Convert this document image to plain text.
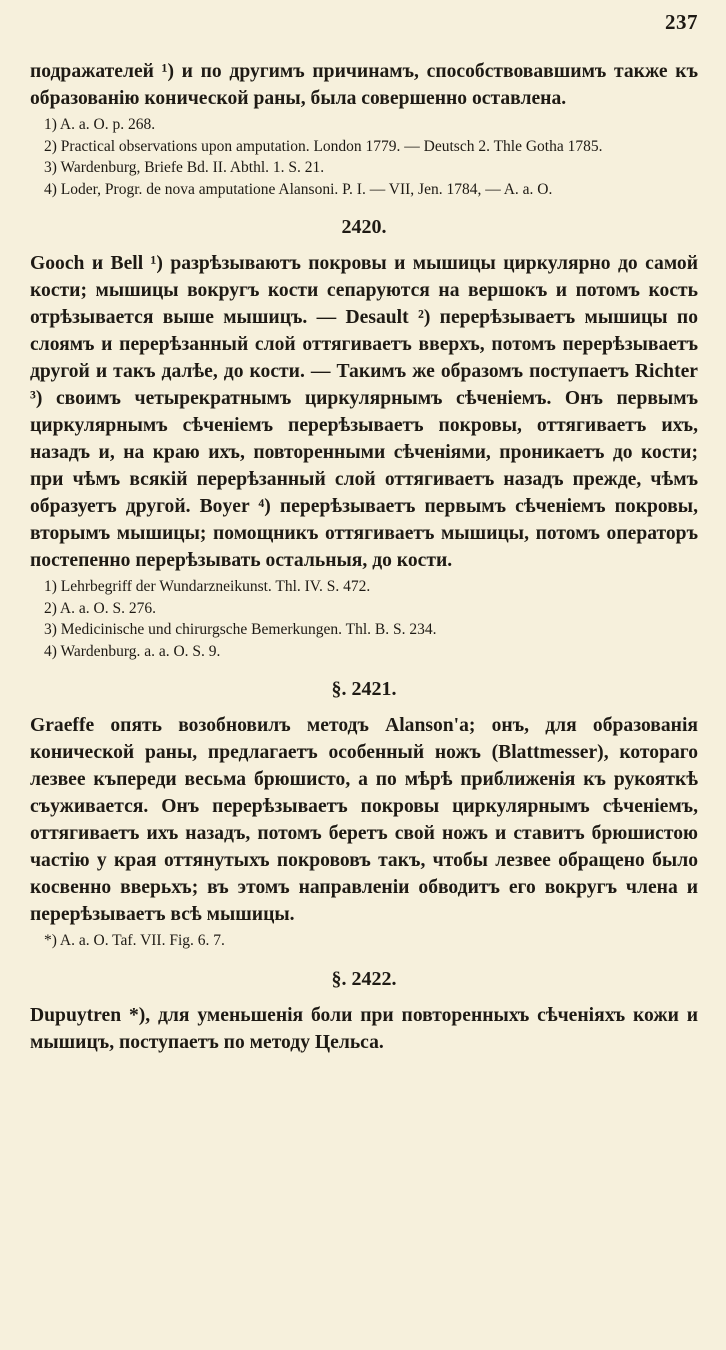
237

подражателей ¹) и по другимъ причинамъ, способствовавшимъ также къ образованію конической раны, была совершенно оставлена.

1) A. a. O. p. 268.
2) Practical observations upon amputation. London 1779. — Deutsch 2. Thle Gotha 1785.
3) Wardenburg, Briefe Bd. II. Abthl. 1. S. 21.
4) Loder, Progr. de nova amputatione Alansoni. P. I. — VII, Jen. 1784, — A. a. O.
2420.

Gooch и Bell ¹) разрѣзываютъ покровы и мышицы циркулярно до самой кости; мышицы вокругъ кости сепаруются на вершокъ и потомъ кость отрѣзывается выше мышицъ. — Desault ²) перерѣзываетъ мышицы по слоямъ и перерѣзанный слой оттягиваетъ вверхъ, потомъ перерѣзываетъ другой и такъ далѣе, до кости. — Такимъ же образомъ поступаетъ Richter ³) своимъ четырекратнымъ циркулярнымъ сѣченіемъ. Онъ первымъ циркулярнымъ сѣченіемъ перерѣзываетъ покровы, оттягиваетъ ихъ, назадъ и, на краю ихъ, повторенными сѣченіями, проникаетъ до кости; при чѣмъ всякій перерѣзанный слой оттягиваетъ назадъ прежде, чѣмъ образуетъ другой. Boyer ⁴) перерѣзываетъ первымъ сѣченіемъ покровы, вторымъ мышицы; помощникъ оттягиваетъ мышицы, потомъ операторъ постепенно перерѣзывать остальныя, до кости.

1) Lehrbegriff der Wundarzneikunst. Thl. IV. S. 472.
2) A. a. O. S. 276.
3) Medicinische und chirurgsche Bemerkungen. Thl. B. S. 234.
4) Wardenburg. a. a. O. S. 9.
§. 2421.

Graeffe опять возобновилъ методъ Alanson'а; онъ, для образованія конической раны, предлагаетъ особенный ножъ (Blattmesser), котораго лезвее къпереди весьма брюшисто, а по мѣрѣ приближенія къ рукояткѣ съуживается. Онъ перерѣзываетъ покровы циркулярнымъ сѣченіемъ, оттягиваетъ ихъ назадъ, потомъ беретъ свой ножъ и ставитъ брюшистою частію у края оттянутыхъ покрововъ такъ, чтобы лезвее обращено было косвенно вверьхъ; въ этомъ направленіи обводитъ его вокругъ члена и перерѣзываетъ всѣ мышицы.

*) A. a. O. Taf. VII. Fig. 6. 7.
§. 2422.

Dupuytren *), для уменьшенія боли при повторенныхъ сѣченіяхъ кожи и мышицъ, поступаетъ по методу Цельса.
